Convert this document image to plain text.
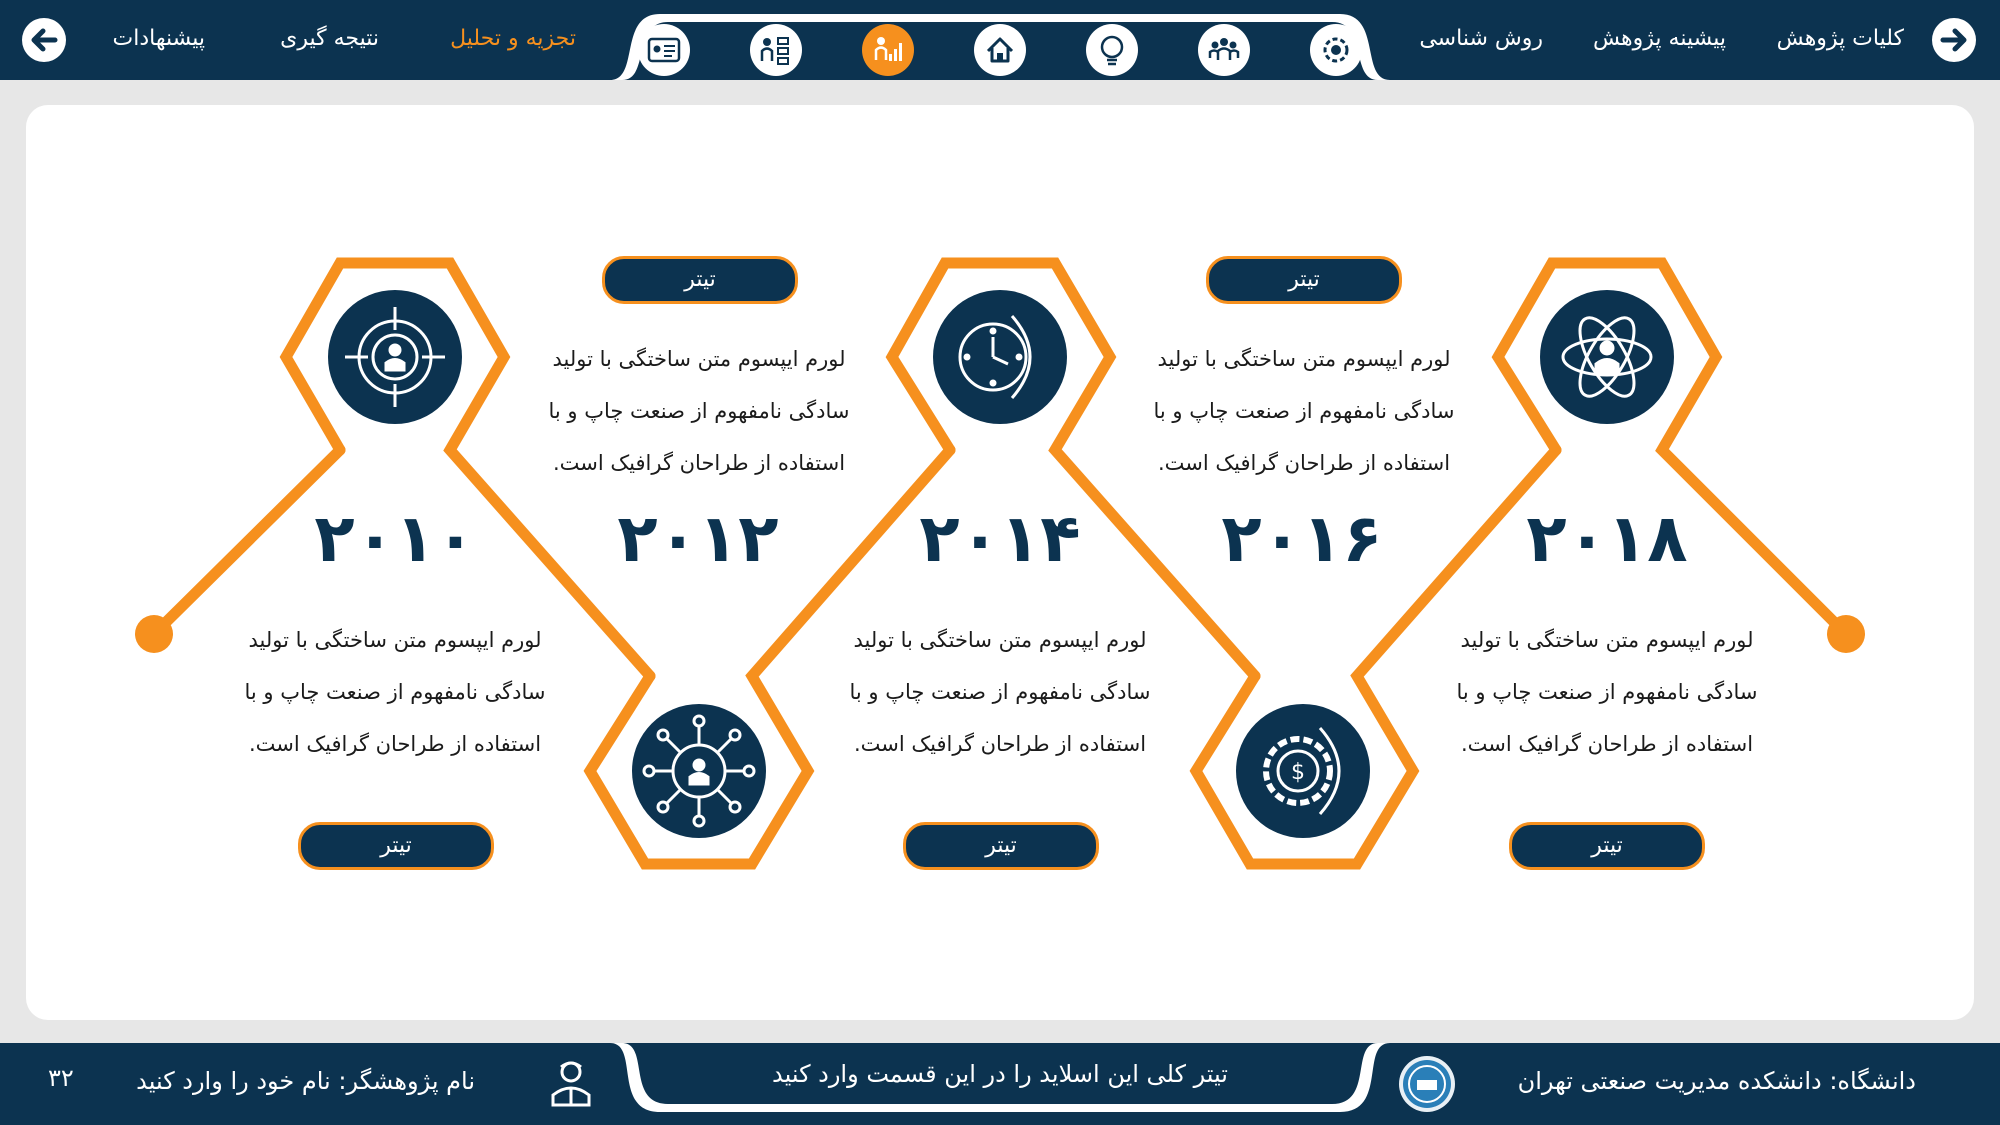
کلیات پژوهش
پیشینه پژوهش
روش شناسی
تجزیه و تحلیل
نتیجه گیری
پیشنهادات
$
۲۰۱۰	۲۰۱۲	۲۰۱۴	۲۰۱۶	۲۰۱۸
لورم ایپسوم متن ساختگی با تولید
سادگی نامفهوم از صنعت چاپ و با
استفاده از طراحان گرافیک است.
لورم ایپسوم متن ساختگی با تولید
سادگی نامفهوم از صنعت چاپ و با
استفاده از طراحان گرافیک است.
لورم ایپسوم متن ساختگی با تولید
سادگی نامفهوم از صنعت چاپ و با
استفاده از طراحان گرافیک است.
لورم ایپسوم متن ساختگی با تولید
سادگی نامفهوم از صنعت چاپ و با
استفاده از طراحان گرافیک است.
لورم ایپسوم متن ساختگی با تولید
سادگی نامفهوم از صنعت چاپ و با
استفاده از طراحان گرافیک است.
تیتر
تیتر
تیتر
تیتر
تیتر
تیتر کلی این اسلاید را در این قسمت وارد کنید	دانشگاه: دانشکده مدیریت صنعتی تهران
نام پژوهشگر: نام خود را وارد کنید
۳۲
